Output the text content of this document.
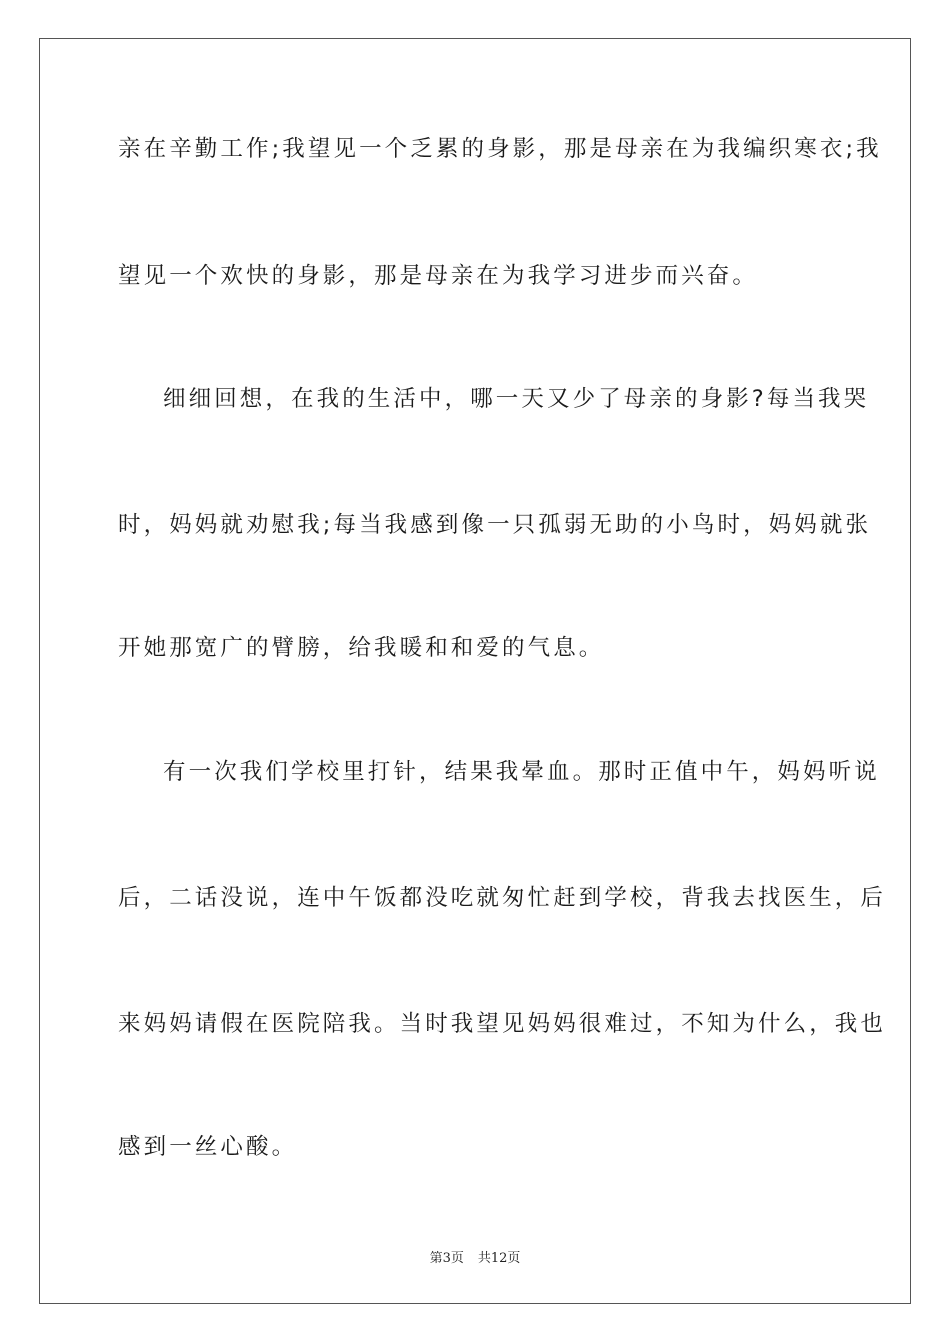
亲在辛勤工作;我望见一个乏累的身影，那是母亲在为我编织寒衣;我
望见一个欢快的身影，那是母亲在为我学习进步而兴奋。
细细回想，在我的生活中，哪一天又少了母亲的身影?每当我哭
时，妈妈就劝慰我;每当我感到像一只孤弱无助的小鸟时，妈妈就张
开她那宽广的臂膀，给我暖和和爱的气息。
有一次我们学校里打针，结果我晕血。那时正值中午，妈妈听说
后，二话没说，连中午饭都没吃就匆忙赶到学校，背我去找医生，后
来妈妈请假在医院陪我。当时我望见妈妈很难过，不知为什么，我也
感到一丝心酸。
第3页 共12页
